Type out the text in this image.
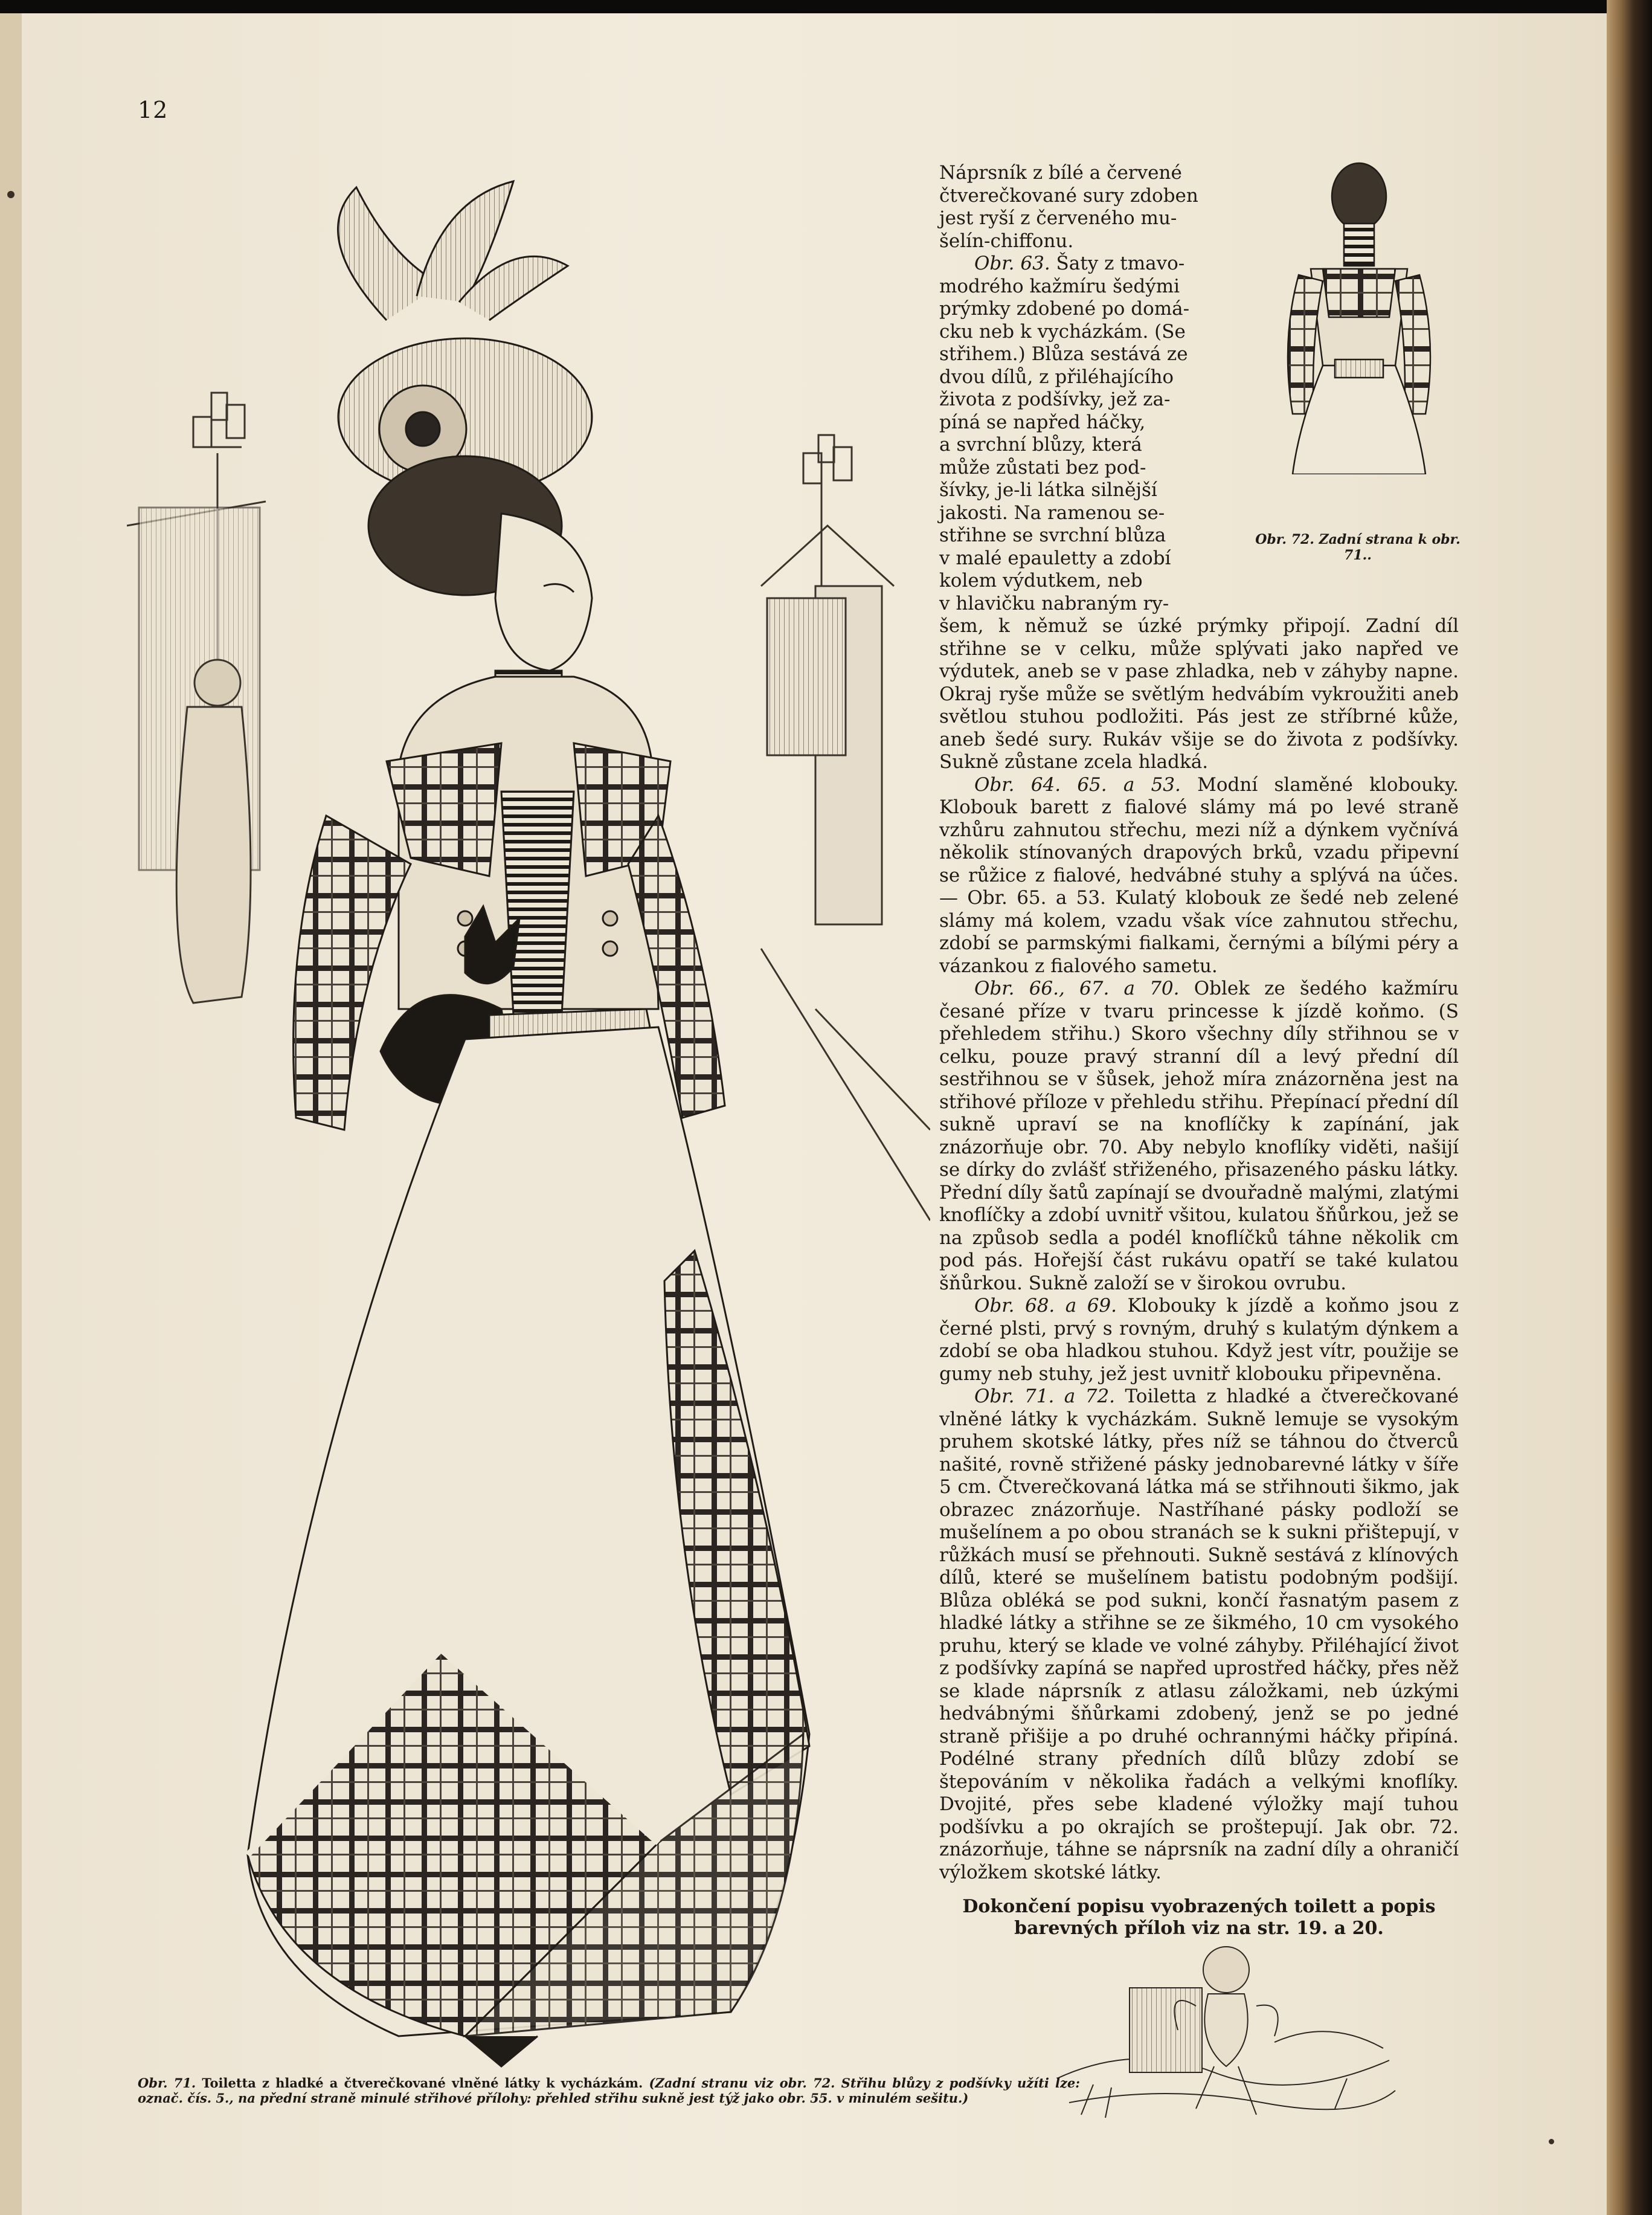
12

Náprsník z bílé a červené

čtverečkované sury zdoben

jest ryší z červeného mu-

šelín-chiffonu.

Obr. 63. Šaty z tmavo-

modrého kažmíru šedými

prýmky zdobené po domá-

cku neb k vycházkám. (Se

střihem.) Blůza sestává ze

dvou dílů, z přiléhajícího

života z podšívky, jež za-

píná se napřed háčky,

a svrchní blůzy, která

může zůstati bez pod-

šívky, je-li látka silnější

jakosti. Na ramenou se-

střihne se svrchní blůza

v malé epauletty a zdobí

kolem výdutkem, neb

v hlavičku nabraným ry-

šem, k němuž se úzké prýmky připojí. Zadní díl střihne se v celku, může splývati jako napřed ve výdutek, aneb se v pase zhladka, neb v záhyby napne. Okraj ryše může se světlým hedvábím vykroužiti aneb světlou stuhou podložiti. Pás jest ze stříbrné kůže, aneb šedé sury. Rukáv všije se do života z podšívky. Sukně zůstane zcela hladká.

Obr. 64. 65. a 53. Modní slaměné klobouky. Klobouk barett z fialové slámy má po levé straně vzhůru zahnutou střechu, mezi níž a dýnkem vyčnívá několik stínovaných drapových brků, vzadu připevní se růžice z fialové, hedvábné stuhy a splývá na účes. — Obr. 65. a 53. Kulatý klobouk ze šedé neb zelené slámy má kolem, vzadu však více zahnutou střechu, zdobí se parmskými fialkami, černými a bílými péry a vázankou z fialového sametu.

Obr. 66., 67. a 70. Oblek ze šedého kažmíru česané příze v tvaru princesse k jízdě koňmo. (S přehledem střihu.) Skoro všechny díly střihnou se v celku, pouze pravý stranní díl a levý přední díl sestřihnou se v šůsek, jehož míra znázorněna jest na střihové příloze v přehledu střihu. Přepínací přední díl sukně upraví se na knoflíčky k zapínání, jak znázorňuje obr. 70. Aby nebylo knoflíky viděti, našijí se dírky do zvlášť střiženého, přisazeného pásku látky. Přední díly šatů zapínají se dvouřadně malými, zlatými knoflíčky a zdobí uvnitř všitou, kulatou šňůrkou, jež se na způsob sedla a podél knoflíčků táhne několik cm pod pás. Hořejší část rukávu opatří se také kulatou šňůrkou. Sukně založí se v širokou ovrubu.

Obr. 68. a 69. Klobouky k jízdě a koňmo jsou z černé plsti, prvý s rovným, druhý s kulatým dýnkem a zdobí se oba hladkou stuhou. Když jest vítr, použije se gumy neb stuhy, jež jest uvnitř klobouku připevněna.

Obr. 71. a 72. Toiletta z hladké a čtverečkované vlněné látky k vycházkám. Sukně lemuje se vysokým pruhem skotské látky, přes níž se táhnou do čtverců našité, rovně střižené pásky jednobarevné látky v šíře 5 cm. Čtverečkovaná látka má se střihnouti šikmo, jak obrazec znázorňuje. Nastříhané pásky podloží se mušelínem a po obou stranách se k sukni přištepují, v růžkách musí se přehnouti. Sukně sestává z klínových dílů, které se mušelínem batistu podobným podšijí. Blůza obléká se pod sukni, končí řasnatým pasem z hladké látky a střihne se ze šikmého, 10 cm vysokého pruhu, který se klade ve volné záhyby. Přiléhající život z podšívky zapíná se napřed uprostřed háčky, přes něž se klade náprsník z atlasu záložkami, neb úzkými hedvábnými šňůrkami zdobený, jenž se po jedné straně přišije a po druhé ochrannými háčky připíná. Podélné strany předních dílů blůzy zdobí se štepováním v několika řadách a velkými knoflíky. Dvojité, přes sebe kladené výložky mají tuhou podšívku a po okrajích se proštepují. Jak obr. 72. znázorňuje, táhne se náprsník na zadní díly a ohraničí výložkem skotské látky.

Dokončení popisu vyobrazených toilett a popis barevných příloh viz na str. 19. a 20.

Obr. 72. Zadní strana k obr. 71..
Obr. 71. Toiletta z hladké a čtverečkované vlněné látky k vycházkám. (Zadní stranu viz obr. 72. Střihu blůzy z podšívky užíti lze: označ. čís. 5., na přední straně minulé střihové přílohy: přehled střihu sukně jest týž jako obr. 55. v minulém sešitu.)
